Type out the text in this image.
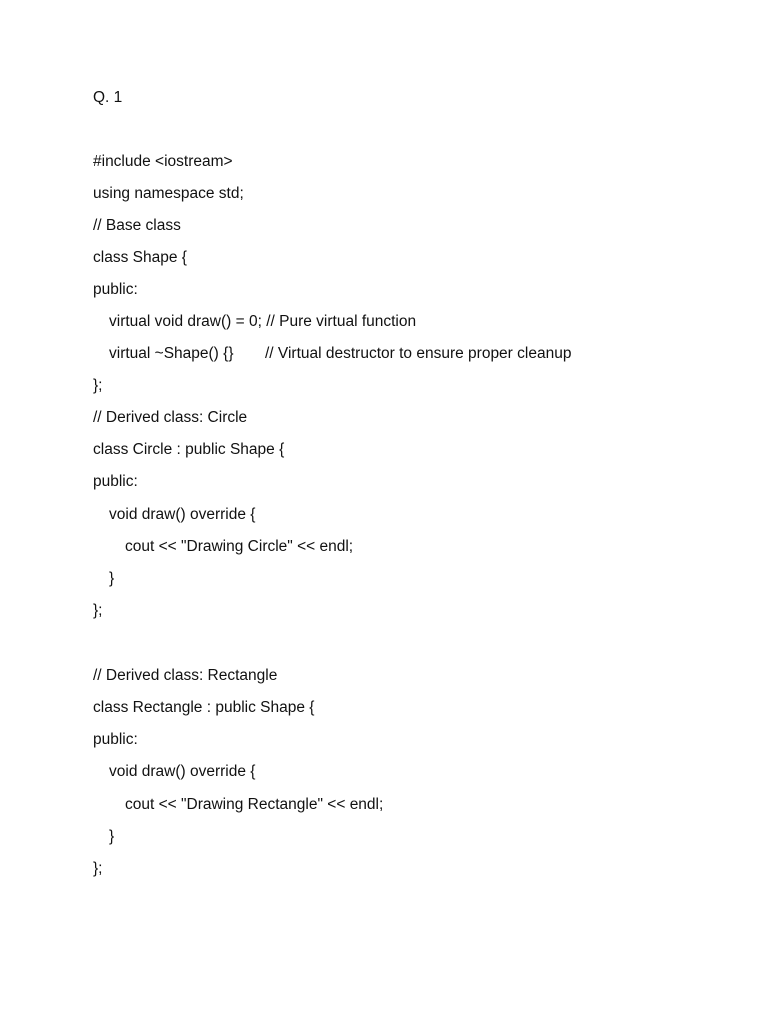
Q. 1
#include <iostream>
using namespace std;
// Base class
class Shape {
public:
virtual void draw() = 0; // Pure virtual function
virtual ~Shape() {} // Virtual destructor to ensure proper cleanup
};
// Derived class: Circle
class Circle : public Shape {
public:
void draw() override {
cout << "Drawing Circle" << endl;
}
};
// Derived class: Rectangle
class Rectangle : public Shape {
public:
void draw() override {
cout << "Drawing Rectangle" << endl;
}
};
